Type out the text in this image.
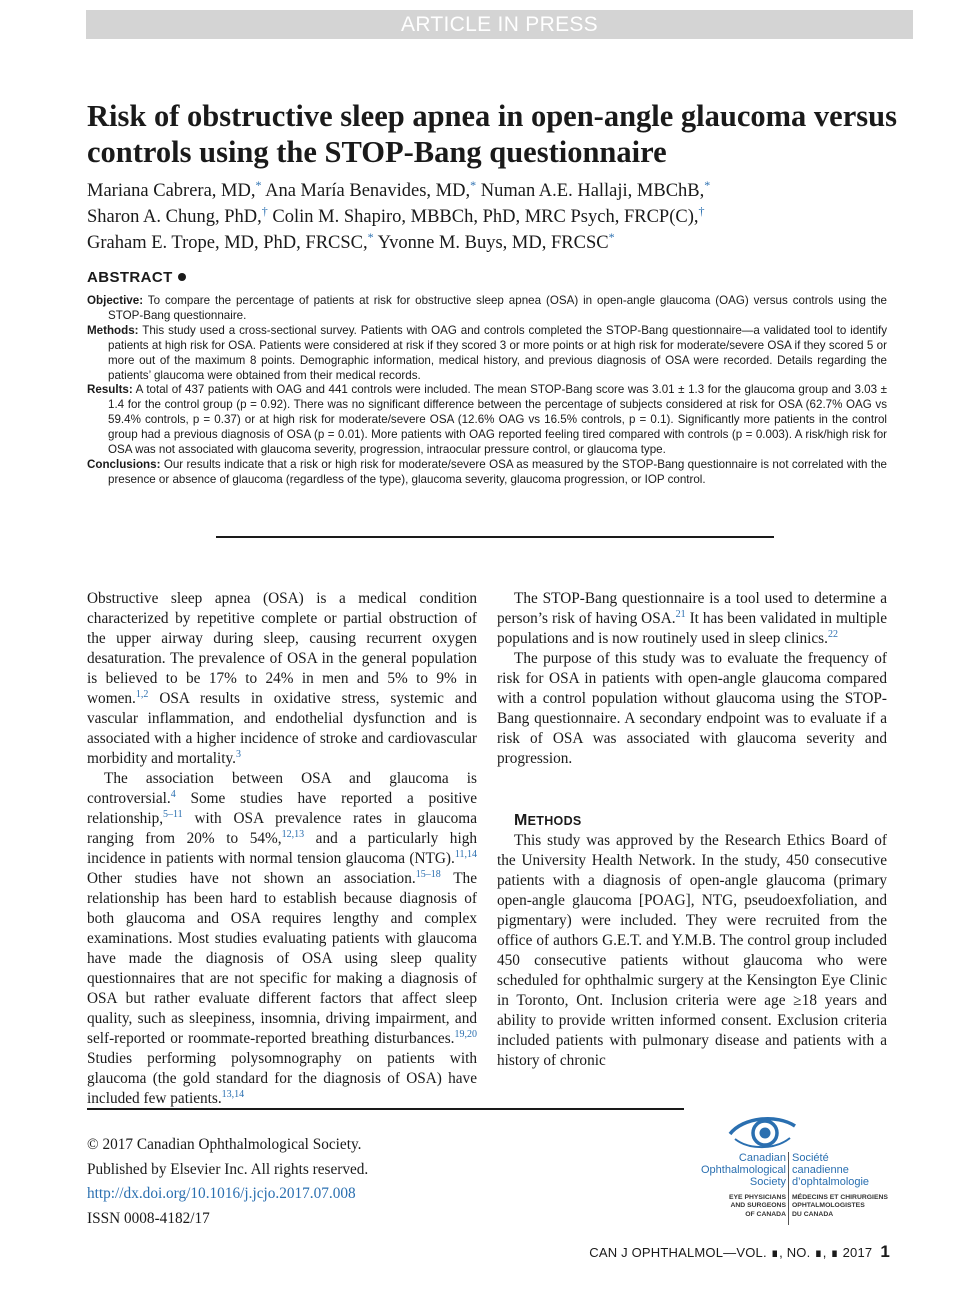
ARTICLE IN PRESS
Risk of obstructive sleep apnea in open-angle glaucoma versus controls using the STOP-Bang questionnaire
Mariana Cabrera, MD,* Ana María Benavides, MD,* Numan A.E. Hallaji, MBChB,*
Sharon A. Chung, PhD,† Colin M. Shapiro, MBBCh, PhD, MRC Psych, FRCP(C),†
Graham E. Trope, MD, PhD, FRCSC,* Yvonne M. Buys, MD, FRCSC*
ABSTRACT

Objective: To compare the percentage of patients at risk for obstructive sleep apnea (OSA) in open-angle glaucoma (OAG) versus controls using the STOP-Bang questionnaire.

Methods: This study used a cross-sectional survey. Patients with OAG and controls completed the STOP-Bang questionnaire—a validated tool to identify patients at high risk for OSA. Patients were considered at risk if they scored 3 or more points or at high risk for moderate/severe OSA if they scored 5 or more out of the maximum 8 points. Demographic information, medical history, and previous diagnosis of OSA were recorded. Details regarding the patients’ glaucoma were obtained from their medical records.

Results: A total of 437 patients with OAG and 441 controls were included. The mean STOP-Bang score was 3.01 ± 1.3 for the glaucoma group and 3.03 ± 1.4 for the control group (p = 0.92). There was no significant difference between the percentage of subjects considered at risk for OSA (62.7% OAG vs 59.4% controls, p = 0.37) or at high risk for moderate/severe OSA (12.6% OAG vs 16.5% controls, p = 0.1). Significantly more patients in the control group had a previous diagnosis of OSA (p = 0.01). More patients with OAG reported feeling tired compared with controls (p = 0.003). A risk/high risk for OSA was not associated with glaucoma severity, progression, intraocular pressure control, or glaucoma type.

Conclusions: Our results indicate that a risk or high risk for moderate/severe OSA as measured by the STOP-Bang questionnaire is not correlated with the presence or absence of glaucoma (regardless of the type), glaucoma severity, glaucoma progression, or IOP control.

Obstructive sleep apnea (OSA) is a medical condition characterized by repetitive complete or partial obstruction of the upper airway during sleep, causing recurrent oxygen desaturation. The prevalence of OSA in the general population is believed to be 17% to 24% in men and 5% to 9% in women.$^{1,2}$ OSA results in oxidative stress, systemic and vascular inflammation, and endothelial dysfunction and is associated with a higher incidence of stroke and cardiovascular morbidity and mortality.$^3$

The association between OSA and glaucoma is controversial.$^4$ Some studies have reported a positive relationship,$^{5-11}$ with OSA prevalence rates in glaucoma ranging from 20% to 54%,$^{12,13}$ and a particularly high incidence in patients with normal tension glaucoma (NTG).$^{11,14}$ Other studies have not shown an association.$^{15-18}$ The relationship has been hard to establish because diagnosis of both glaucoma and OSA requires lengthy and complex examinations. Most studies evaluating patients with glaucoma have made the diagnosis of OSA using sleep quality questionnaires that are not specific for making a diagnosis of OSA but rather evaluate different factors that affect sleep quality, such as sleepiness, insomnia, driving impairment, and self-reported or roommate-reported breathing disturbances.$^{19,20}$ Studies performing polysomnography on patients with glaucoma (the gold standard for the diagnosis of OSA) have included few patients.$^{13,14}$

The STOP-Bang questionnaire is a tool used to determine a person’s risk of having OSA.$^{21}$ It has been validated in multiple populations and is now routinely used in sleep clinics.$^{22}$

The purpose of this study was to evaluate the frequency of risk for OSA in patients with open-angle glaucoma compared with a control population without glaucoma using the STOP-Bang questionnaire. A secondary endpoint was to evaluate if a risk of OSA was associated with glaucoma severity and progression.

METHODS

This study was approved by the Research Ethics Board of the University Health Network. In the study, 450 consecutive patients with a diagnosis of open-angle glaucoma (primary open-angle glaucoma [POAG], NTG, pseudoexfoliation, and pigmentary) were included. They were recruited from the office of authors G.E.T. and Y.M.B. The control group included 450 consecutive patients without glaucoma who were scheduled for ophthalmic surgery at the Kensington Eye Clinic in Toronto, Ont. Inclusion criteria were age ≥18 years and ability to provide written informed consent. Exclusion criteria included patients with pulmonary disease and patients with a history of chronic

© 2017 Canadian Ophthalmological Society.
Published by Elsevier Inc. All rights reserved.
http://dx.doi.org/10.1016/j.jcjo.2017.07.008
ISSN 0008-4182/17
Canadian
Ophthalmological
Society
Société
canadienne
d’ophtalmologie
EYE PHYSICIANS
AND SURGEONS
OF CANADA
MÉDECINS ET CHIRURGIENS
OPHTALMOLOGISTES
DU CANADA
CAN J OPHTHALMOL—VOL. ∎, NO. ∎, ∎ 2017 1
